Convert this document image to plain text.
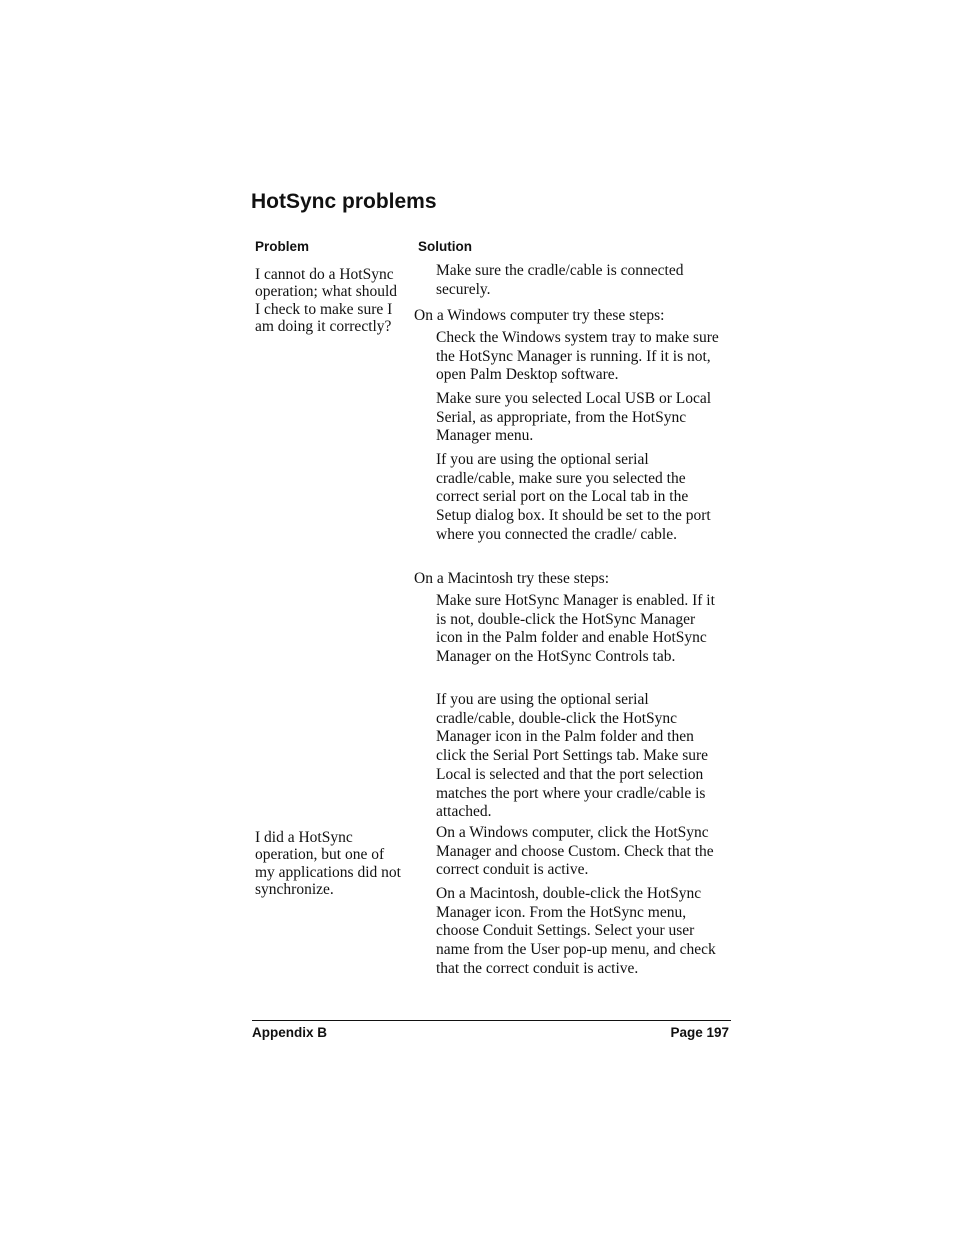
HotSync problems
Problem	Solution

I cannot do a HotSync operation; what should I check to make sure I am doing it correctly?

Make sure the cradle/cable is connected securely.

On a Windows computer try these steps:

Check the Windows system tray to make sure the HotSync Manager is running. If it is not, open Palm Desktop software.

Make sure you selected Local USB or Local Serial, as appropriate, from the HotSync Manager menu.

If you are using the optional serial cradle/cable, make sure you selected the correct serial port on the Local tab in the Setup dialog box. It should be set to the port where you connected the cradle/ cable.

On a Macintosh try these steps:

Make sure HotSync Manager is enabled. If it is not, double-click the HotSync Manager icon in the Palm folder and enable HotSync Manager on the HotSync Controls tab.

If you are using the optional serial cradle/cable, double-click the HotSync Manager icon in the Palm folder and then click the Serial Port Settings tab. Make sure Local is selected and that the port selection matches the port where your cradle/cable is attached.

I did a HotSync operation, but one of my applications did not synchronize.

On a Windows computer, click the HotSync Manager and choose Custom. Check that the correct conduit is active.

On a Macintosh, double-click the HotSync Manager icon. From the HotSync menu, choose Conduit Settings. Select your user name from the User pop-up menu, and check that the correct conduit is active.

Appendix B	Page 197
